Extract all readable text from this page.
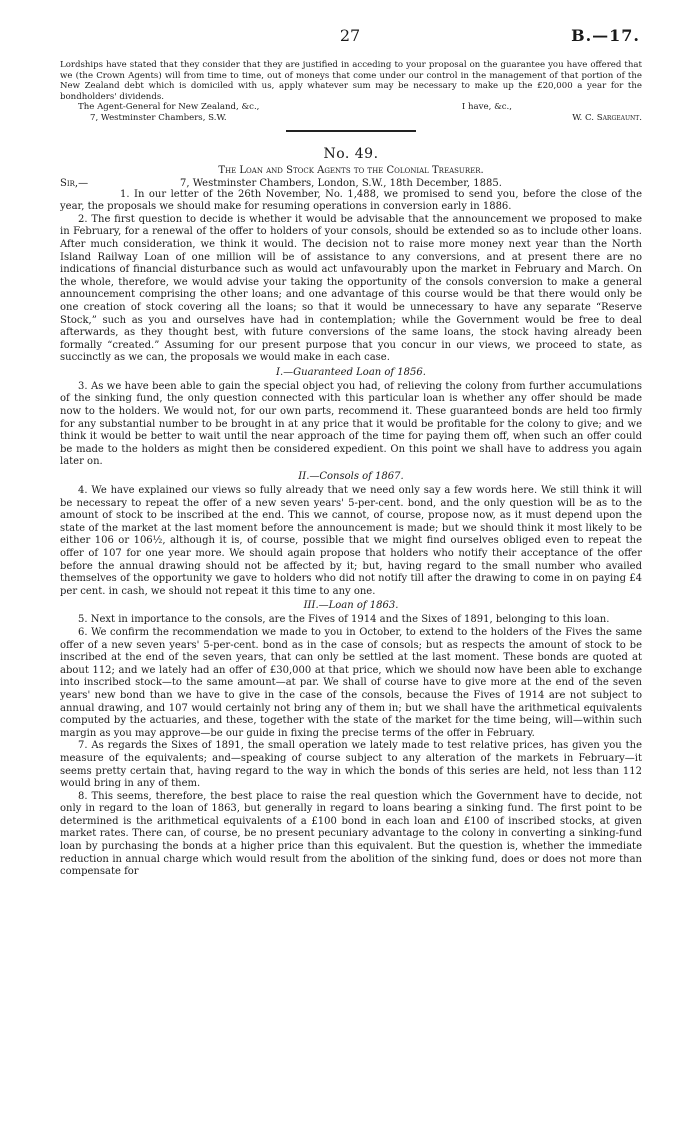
27	B.—17.
Lordships have stated that they consider that they are justified in acceding to your proposal on the guarantee you have offered that we (the Crown Agents) will from time to time, out of moneys that come under our control in the management of that portion of the New Zealand debt which is domiciled with us, apply whatever sum may be necessary to make up the £20,000 a year for the bondholders' dividends.
The Agent-General for New Zealand, &c.,	I have, &c.,
7, Westminster Chambers, S.W.	W. C. Sargeaunt.
No. 49.
The Loan and Stock Agents to the Colonial Treasurer.
Sir,—	7, Westminster Chambers, London, S.W., 18th December, 1885.

1. In our letter of the 26th November, No. 1,488, we promised to send you, before the close of the year, the proposals we should make for resuming operations in conversion early in 1886.

2. The first question to decide is whether it would be advisable that the announcement we proposed to make in February, for a renewal of the offer to holders of your consols, should be extended so as to include other loans. After much consideration, we think it would. The decision not to raise more money next year than the North Island Railway Loan of one million will be of assistance to any conversions, and at present there are no indications of financial disturbance such as would act unfavourably upon the market in February and March. On the whole, therefore, we would advise your taking the opportunity of the consols conversion to make a general announcement comprising the other loans; and one advantage of this course would be that there would only be one creation of stock covering all the loans; so that it would be unnecessary to have any separate “Reserve Stock,” such as you and ourselves have had in contemplation; while the Government would be free to deal afterwards, as they thought best, with future conversions of the same loans, the stock having already been formally “created.” Assuming for our present purpose that you concur in our views, we proceed to state, as succinctly as we can, the proposals we would make in each case.

I.—Guaranteed Loan of 1856.

3. As we have been able to gain the special object you had, of relieving the colony from further accumulations of the sinking fund, the only question connected with this particular loan is whether any offer should be made now to the holders. We would not, for our own parts, recommend it. These guaranteed bonds are held too firmly for any substantial number to be brought in at any price that it would be profitable for the colony to give; and we think it would be better to wait until the near approach of the time for paying them off, when such an offer could be made to the holders as might then be considered expedient. On this point we shall have to address you again later on.

II.—Consols of 1867.

4. We have explained our views so fully already that we need only say a few words here. We still think it will be necessary to repeat the offer of a new seven years' 5-per-cent. bond, and the only question will be as to the amount of stock to be inscribed at the end. This we cannot, of course, propose now, as it must depend upon the state of the market at the last moment before the announcement is made; but we should think it most likely to be either 106 or 106½, although it is, of course, possible that we might find ourselves obliged even to repeat the offer of 107 for one year more. We should again propose that holders who notify their acceptance of the offer before the annual drawing should not be affected by it; but, having regard to the small number who availed themselves of the opportunity we gave to holders who did not notify till after the drawing to come in on paying £4 per cent. in cash, we should not repeat it this time to any one.

III.—Loan of 1863.

5. Next in importance to the consols, are the Fives of 1914 and the Sixes of 1891, belonging to this loan.

6. We confirm the recommendation we made to you in October, to extend to the holders of the Fives the same offer of a new seven years' 5-per-cent. bond as in the case of consols; but as respects the amount of stock to be inscribed at the end of the seven years, that can only be settled at the last moment. These bonds are quoted at about 112; and we lately had an offer of £30,000 at that price, which we should now have been able to exchange into inscribed stock—to the same amount—at par. We shall of course have to give more at the end of the seven years' new bond than we have to give in the case of the consols, because the Fives of 1914 are not subject to annual drawing, and 107 would certainly not bring any of them in; but we shall have the arithmetical equivalents computed by the actuaries, and these, together with the state of the market for the time being, will—within such margin as you may approve—be our guide in fixing the precise terms of the offer in February.

7. As regards the Sixes of 1891, the small operation we lately made to test relative prices, has given you the measure of the equivalents; and—speaking of course subject to any alteration of the markets in February—it seems pretty certain that, having regard to the way in which the bonds of this series are held, not less than 112 would bring in any of them.

8. This seems, therefore, the best place to raise the real question which the Government have to decide, not only in regard to the loan of 1863, but generally in regard to loans bearing a sinking fund. The first point to be determined is the arithmetical equivalents of a £100 bond in each loan and £100 of inscribed stocks, at given market rates. There can, of course, be no present pecuniary advantage to the colony in converting a sinking-fund loan by purchasing the bonds at a higher price than this equivalent. But the question is, whether the immediate reduction in annual charge which would result from the abolition of the sinking fund, does or does not more than compensate for
